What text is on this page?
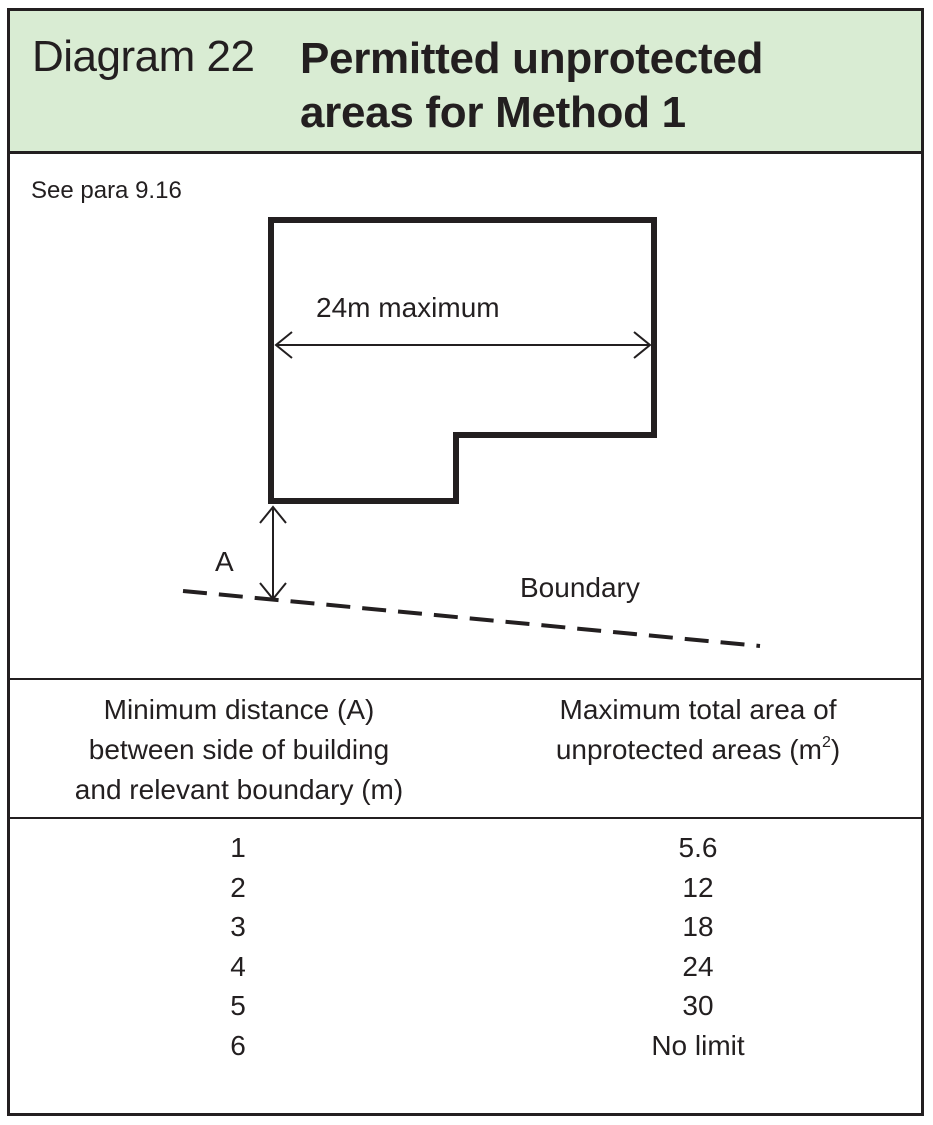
Diagram 22 Permitted unprotected
areas for Method 1
See para 9.16
24m maximum
A
Boundary
Minimum distance (A)
between side of building
and relevant boundary (m)
Maximum total area of
unprotected areas $(m^2)$
1
2
3
4
5
6
5.6
12
18
24
30
No limit
